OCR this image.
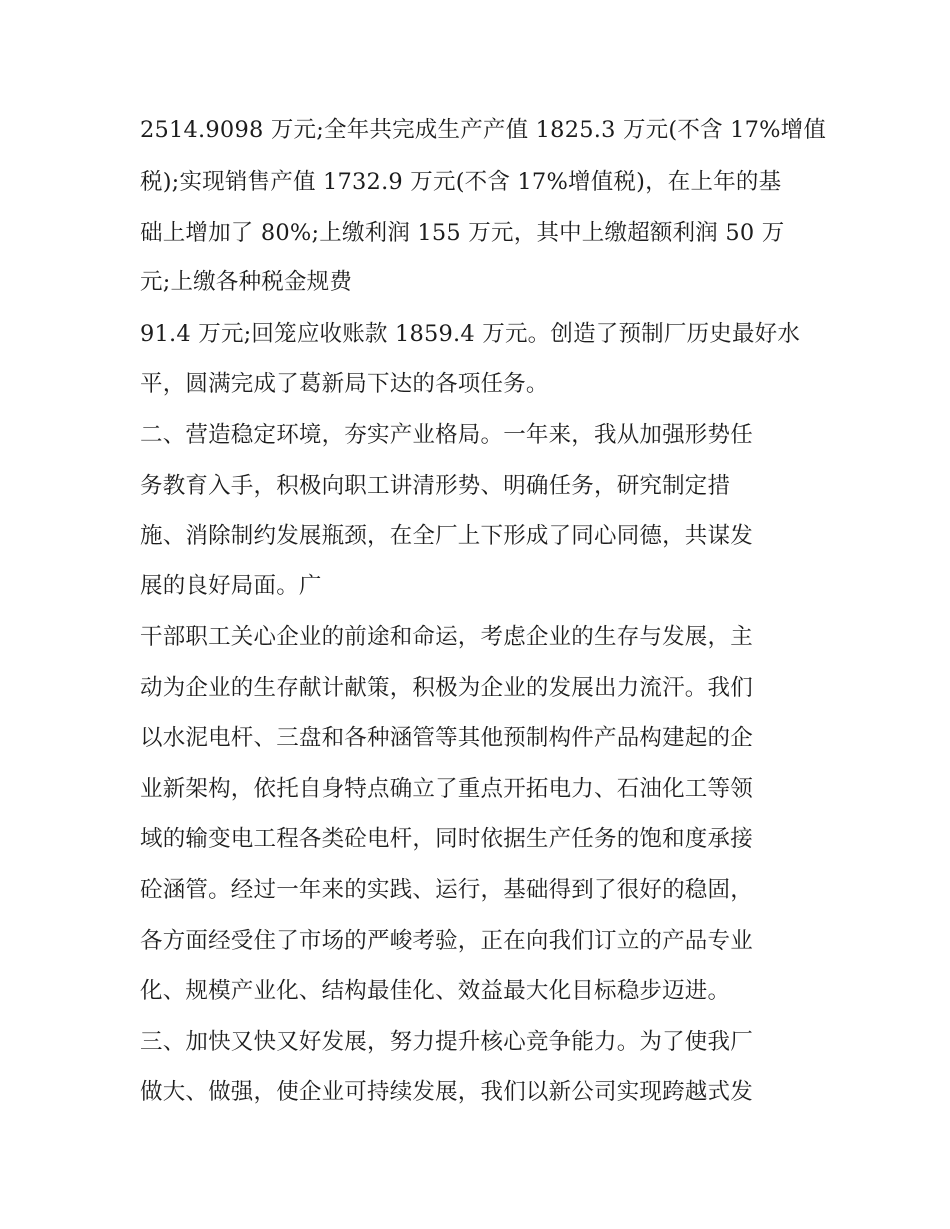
2514.9098 万元;全年共完成生产产值 1825.3 万元(不含 17%增值
税);实现销售产值 1732.9 万元(不含 17%增值税)，在上年的基
础上增加了 80%;上缴利润 155 万元，其中上缴超额利润 50 万
元;上缴各种税金规费
91.4 万元;回笼应收账款 1859.4 万元。创造了预制厂历史最好水
平，圆满完成了葛新局下达的各项任务。
二、营造稳定环境，夯实产业格局。一年来，我从加强形势任
务教育入手，积极向职工讲清形势、明确任务，研究制定措
施、消除制约发展瓶颈，在全厂上下形成了同心同德，共谋发
展的良好局面。广
干部职工关心企业的前途和命运，考虑企业的生存与发展，主
动为企业的生存献计献策，积极为企业的发展出力流汗。我们
以水泥电杆、三盘和各种涵管等其他预制构件产品构建起的企
业新架构，依托自身特点确立了重点开拓电力、石油化工等领
域的输变电工程各类砼电杆，同时依据生产任务的饱和度承接
砼涵管。经过一年来的实践、运行，基础得到了很好的稳固，
各方面经受住了市场的严峻考验，正在向我们订立的产品专业
化、规模产业化、结构最佳化、效益最大化目标稳步迈进。
三、加快又快又好发展，努力提升核心竞争能力。为了使我厂
做大、做强，使企业可持续发展，我们以新公司实现跨越式发
